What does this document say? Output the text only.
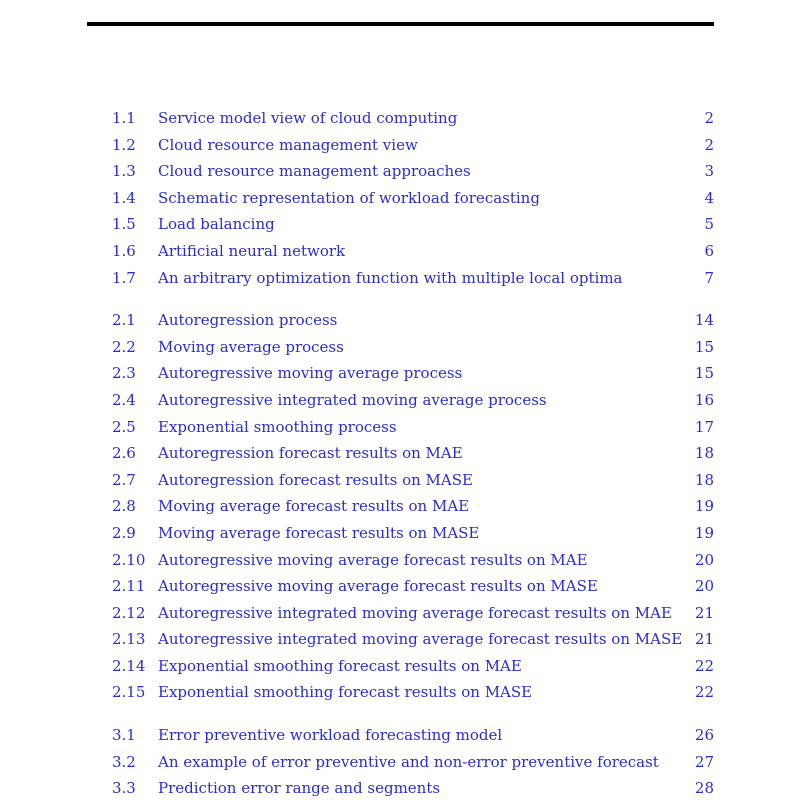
1.1 Service model view of cloud computing	2
1.2 Cloud resource management view	2
1.3 Cloud resource management approaches	3
1.4 Schematic representation of workload forecasting	4
1.5 Load balancing	5
1.6 Artificial neural network	6
1.7 An arbitrary optimization function with multiple local optima	7
2.1 Autoregression process	14
2.2 Moving average process	15
2.3 Autoregressive moving average process	15
2.4 Autoregressive integrated moving average process	16
2.5 Exponential smoothing process	17
2.6 Autoregression forecast results on MAE	18
2.7 Autoregression forecast results on MASE	18
2.8 Moving average forecast results on MAE	19
2.9 Moving average forecast results on MASE	19
2.10 Autoregressive moving average forecast results on MAE	20
2.11 Autoregressive moving average forecast results on MASE	20
2.12 Autoregressive integrated moving average forecast results on MAE 21
2.13 Autoregressive integrated moving average forecast results on MASE 21
2.14 Exponential smoothing forecast results on MAE	22
2.15 Exponential smoothing forecast results on MASE	22
3.1 Error preventive workload forecasting model	26
3.2 An example of error preventive and non-error preventive forecast 27
3.3 Prediction error range and segments	28
